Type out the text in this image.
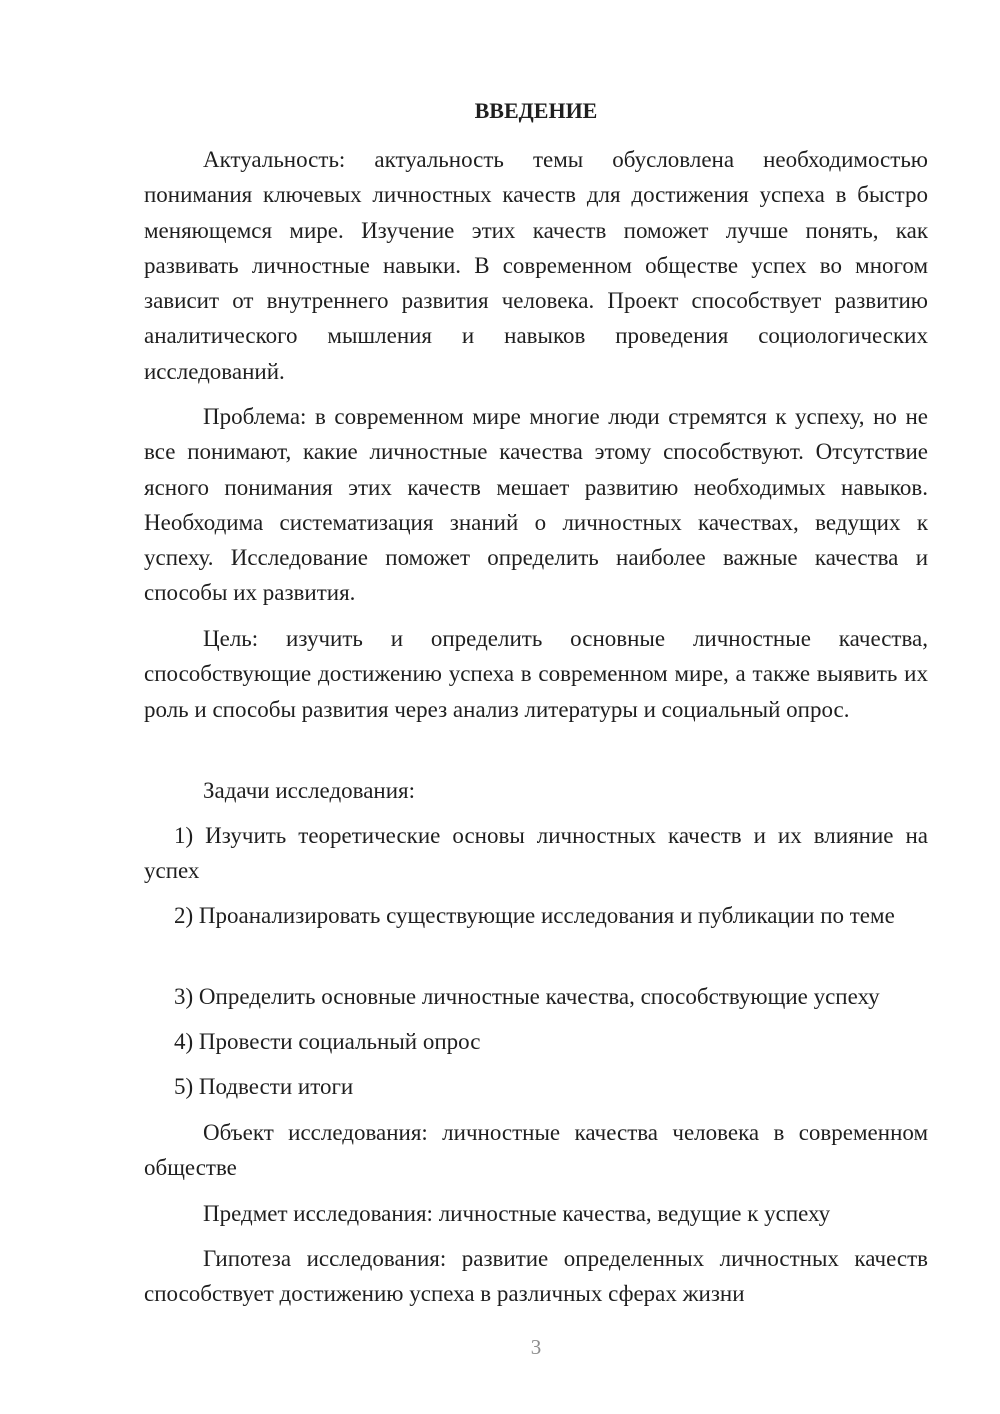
ВВЕДЕНИЕ
Актуальность: актуальность темы обусловлена необходимостью понимания ключевых личностных качеств для достижения успеха в быстро меняющемся мире. Изучение этих качеств поможет лучше понять, как развивать личностные навыки. В современном обществе успех во многом зависит от внутреннего развития человека. Проект способствует развитию аналитического мышления и навыков проведения социологических исследований.
Проблема: в современном мире многие люди стремятся к успеху, но не все понимают, какие личностные качества этому способствуют. Отсутствие ясного понимания этих качеств мешает развитию необходимых навыков. Необходима систематизация знаний о личностных качествах, ведущих к успеху. Исследование поможет определить наиболее важные качества и способы их развития.
Цель: изучить и определить основные личностные качества, способствующие достижению успеха в современном мире, а также выявить их роль и способы развития через анализ литературы и социальный опрос.
Задачи исследования:
1) Изучить теоретические основы личностных качеств и их влияние на успех
2) Проанализировать существующие исследования и публикации по теме
3) Определить основные личностные качества, способствующие успеху
4) Провести социальный опрос
5) Подвести итоги
Объект исследования: личностные качества человека в современном обществе
Предмет исследования: личностные качества, ведущие к успеху
Гипотеза исследования: развитие определенных личностных качеств способствует достижению успеха в различных сферах жизни
3
